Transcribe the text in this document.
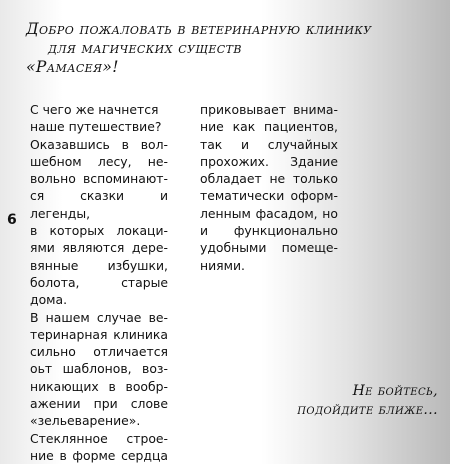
Добро пожаловать в ветеринарную клинику
для магических существ
«Рамасея»!
6

С чего же начнется

наше путешествие?

Оказавшись в вол-

шебном лесу, не-

вольно вспоминают-

ся сказки и легенды,

в которых локаци-

ями являются дере-

вянные избушки,

болота, старые дома.

В нашем случае ве-

теринарная клиника

сильно отличается

оьт шаблонов, воз-

никающих в вообр-

ажении при слове

«зельеварение».

Стеклянное строе-

ние в форме сердца

приковывает внима-

ние как пациентов,

так и случайных

прохожих. Здание

обладает не только

тематически оформ-

ленным фасадом, но

и функционально

удобными помеще-

ниями.

Не бойтесь,
подойдите ближе...
